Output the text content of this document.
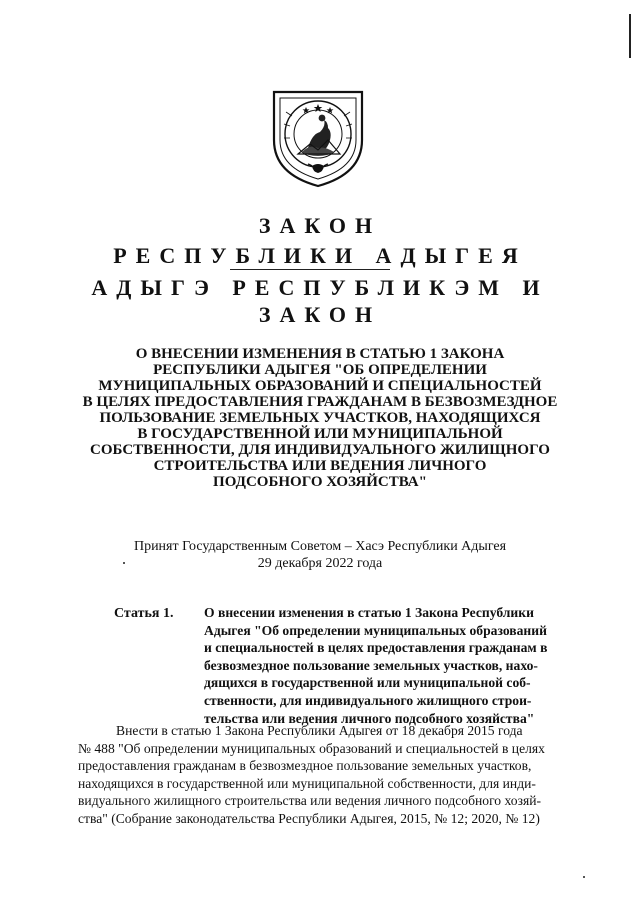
ЗАКОН
РЕСПУБЛИКИ АДЫГЕЯ
АДЫГЭ РЕСПУБЛИКЭМ И
ЗАКОН
О ВНЕСЕНИИ ИЗМЕНЕНИЯ В СТАТЬЮ 1 ЗАКОНА
РЕСПУБЛИКИ АДЫГЕЯ "ОБ ОПРЕДЕЛЕНИИ
МУНИЦИПАЛЬНЫХ ОБРАЗОВАНИЙ И СПЕЦИАЛЬНОСТЕЙ
В ЦЕЛЯХ ПРЕДОСТАВЛЕНИЯ ГРАЖДАНАМ В БЕЗВОЗМЕЗДНОЕ
ПОЛЬЗОВАНИЕ ЗЕМЕЛЬНЫХ УЧАСТКОВ, НАХОДЯЩИХСЯ
В ГОСУДАРСТВЕННОЙ ИЛИ МУНИЦИПАЛЬНОЙ
СОБСТВЕННОСТИ, ДЛЯ ИНДИВИДУАЛЬНОГО ЖИЛИЩНОГО
СТРОИТЕЛЬСТВА ИЛИ ВЕДЕНИЯ ЛИЧНОГО
ПОДСОБНОГО ХОЗЯЙСТВА"
Принят Государственным Советом – Хасэ Республики Адыгея
29 декабря 2022 года
Статья 1. О внесении изменения в статью 1 Закона Республики
Адыгея "Об определении муниципальных образований
и специальностей в целях предоставления гражданам в
безвозмездное пользование земельных участков, нахо-
дящихся в государственной или муниципальной соб-
ственности, для индивидуального жилищного строи-
тельства или ведения личного подсобного хозяйства"
Внести в статью 1 Закона Республики Адыгея от 18 декабря 2015 года
№ 488 "Об определении муниципальных образований и специальностей в целях
предоставления гражданам в безвозмездное пользование земельных участков,
находящихся в государственной или муниципальной собственности, для инди-
видуального жилищного строительства или ведения личного подсобного хозяй-
ства" (Собрание законодательства Республики Адыгея, 2015, № 12; 2020, № 12)
